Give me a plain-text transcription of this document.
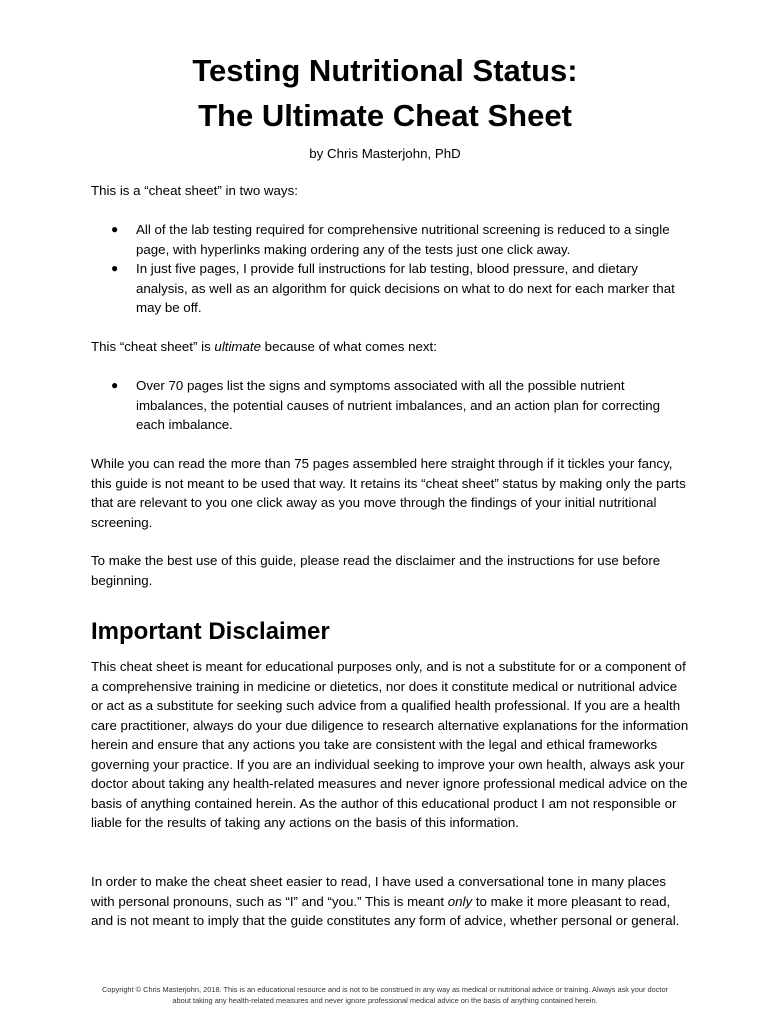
Testing Nutritional Status:
The Ultimate Cheat Sheet
by Chris Masterjohn, PhD

This is a “cheat sheet” in two ways:

● All of the lab testing required for comprehensive nutritional screening is reduced to a single page, with hyperlinks making ordering any of the tests just one click away.
● In just five pages, I provide full instructions for lab testing, blood pressure, and dietary analysis, as well as an algorithm for quick decisions on what to do next for each marker that may be off.

This “cheat sheet” is ultimate because of what comes next:

● Over 70 pages list the signs and symptoms associated with all the possible nutrient imbalances, the potential causes of nutrient imbalances, and an action plan for correcting each imbalance.

While you can read the more than 75 pages assembled here straight through if it tickles your fancy, this guide is not meant to be used that way. It retains its “cheat sheet” status by making only the parts that are relevant to you one click away as you move through the findings of your initial nutritional screening.

To make the best use of this guide, please read the disclaimer and the instructions for use before beginning.

Important Disclaimer

This cheat sheet is meant for educational purposes only, and is not a substitute for or a component of a comprehensive training in medicine or dietetics, nor does it constitute medical or nutritional advice or act as a substitute for seeking such advice from a qualified health professional. If you are a health care practitioner, always do your due diligence to research alternative explanations for the information herein and ensure that any actions you take are consistent with the legal and ethical frameworks governing your practice. If you are an individual seeking to improve your own health, always ask your doctor about taking any health-related measures and never ignore professional medical advice on the basis of anything contained herein. As the author of this educational product I am not responsible or liable for the results of taking any actions on the basis of this information.

In order to make the cheat sheet easier to read, I have used a conversational tone in many places with personal pronouns, such as “I” and “you.” This is meant only to make it more pleasant to read, and is not meant to imply that the guide constitutes any form of advice, whether personal or general.

Copyright © Chris Masterjohn, 2018. This is an educational resource and is not to be construed in any way as medical or nutritional advice or training. Always ask your doctor
about taking any health-related measures and never ignore professional medical advice on the basis of anything contained herein.
